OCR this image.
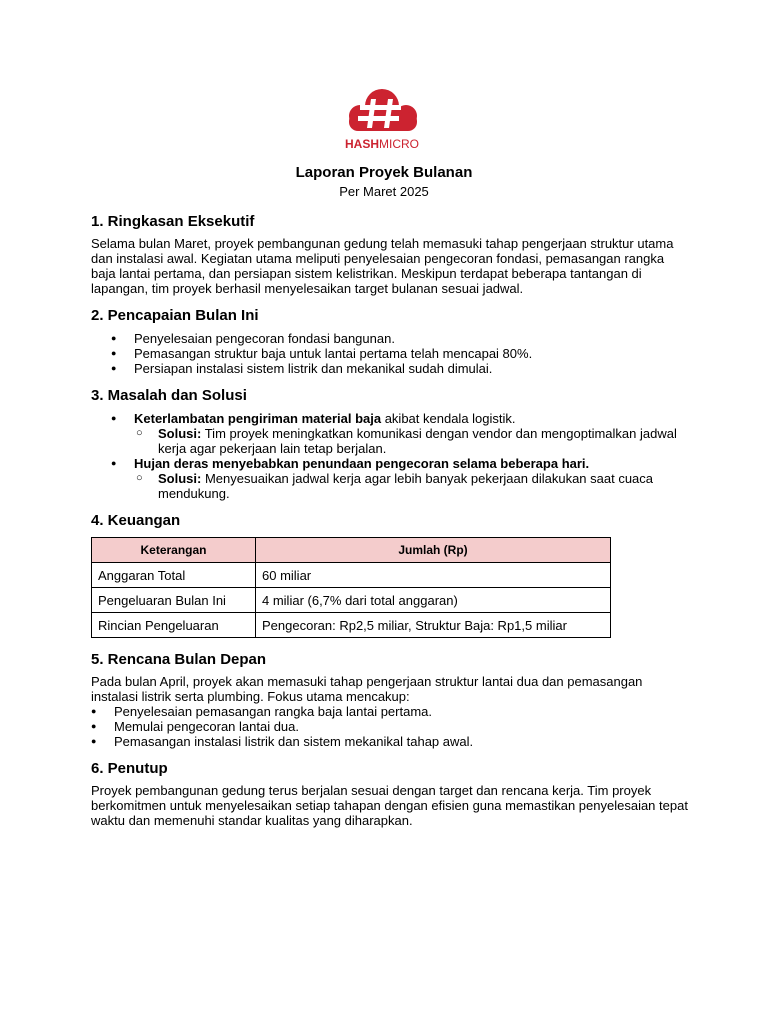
HASHMICRO
Laporan Proyek Bulanan
Per Maret 2025
1. Ringkasan Eksekutif

Selama bulan Maret, proyek pembangunan gedung telah memasuki tahap pengerjaan struktur utama dan instalasi awal. Kegiatan utama meliputi penyelesaian pengecoran fondasi, pemasangan rangka baja lantai pertama, dan persiapan sistem kelistrikan. Meskipun terdapat beberapa tantangan di lapangan, tim proyek berhasil menyelesaikan target bulanan sesuai jadwal.

2. Pencapaian Bulan Ini
● Penyelesaian pengecoran fondasi bangunan.
● Pemasangan struktur baja untuk lantai pertama telah mencapai 80%.
● Persiapan instalasi sistem listrik dan mekanikal sudah dimulai.
3. Masalah dan Solusi
● Keterlambatan pengiriman material baja akibat kendala logistik.
○ Solusi: Tim proyek meningkatkan komunikasi dengan vendor dan mengoptimalkan jadwal kerja agar pekerjaan lain tetap berjalan.
● Hujan deras menyebabkan penundaan pengecoran selama beberapa hari.
○ Solusi: Menyesuaikan jadwal kerja agar lebih banyak pekerjaan dilakukan saat cuaca mendukung.
4. Keuangan
Keterangan	Jumlah (Rp)
Anggaran Total	60 miliar
Pengeluaran Bulan Ini	4 miliar (6,7% dari total anggaran)
Rincian Pengeluaran	Pengecoran: Rp2,5 miliar, Struktur Baja: Rp1,5 miliar
5. Rencana Bulan Depan

Pada bulan April, proyek akan memasuki tahap pengerjaan struktur lantai dua dan pemasangan instalasi listrik serta plumbing. Fokus utama mencakup:

● Penyelesaian pemasangan rangka baja lantai pertama.
● Memulai pengecoran lantai dua.
● Pemasangan instalasi listrik dan sistem mekanikal tahap awal.
6. Penutup

Proyek pembangunan gedung terus berjalan sesuai dengan target dan rencana kerja. Tim proyek berkomitmen untuk menyelesaikan setiap tahapan dengan efisien guna memastikan penyelesaian tepat waktu dan memenuhi standar kualitas yang diharapkan.
